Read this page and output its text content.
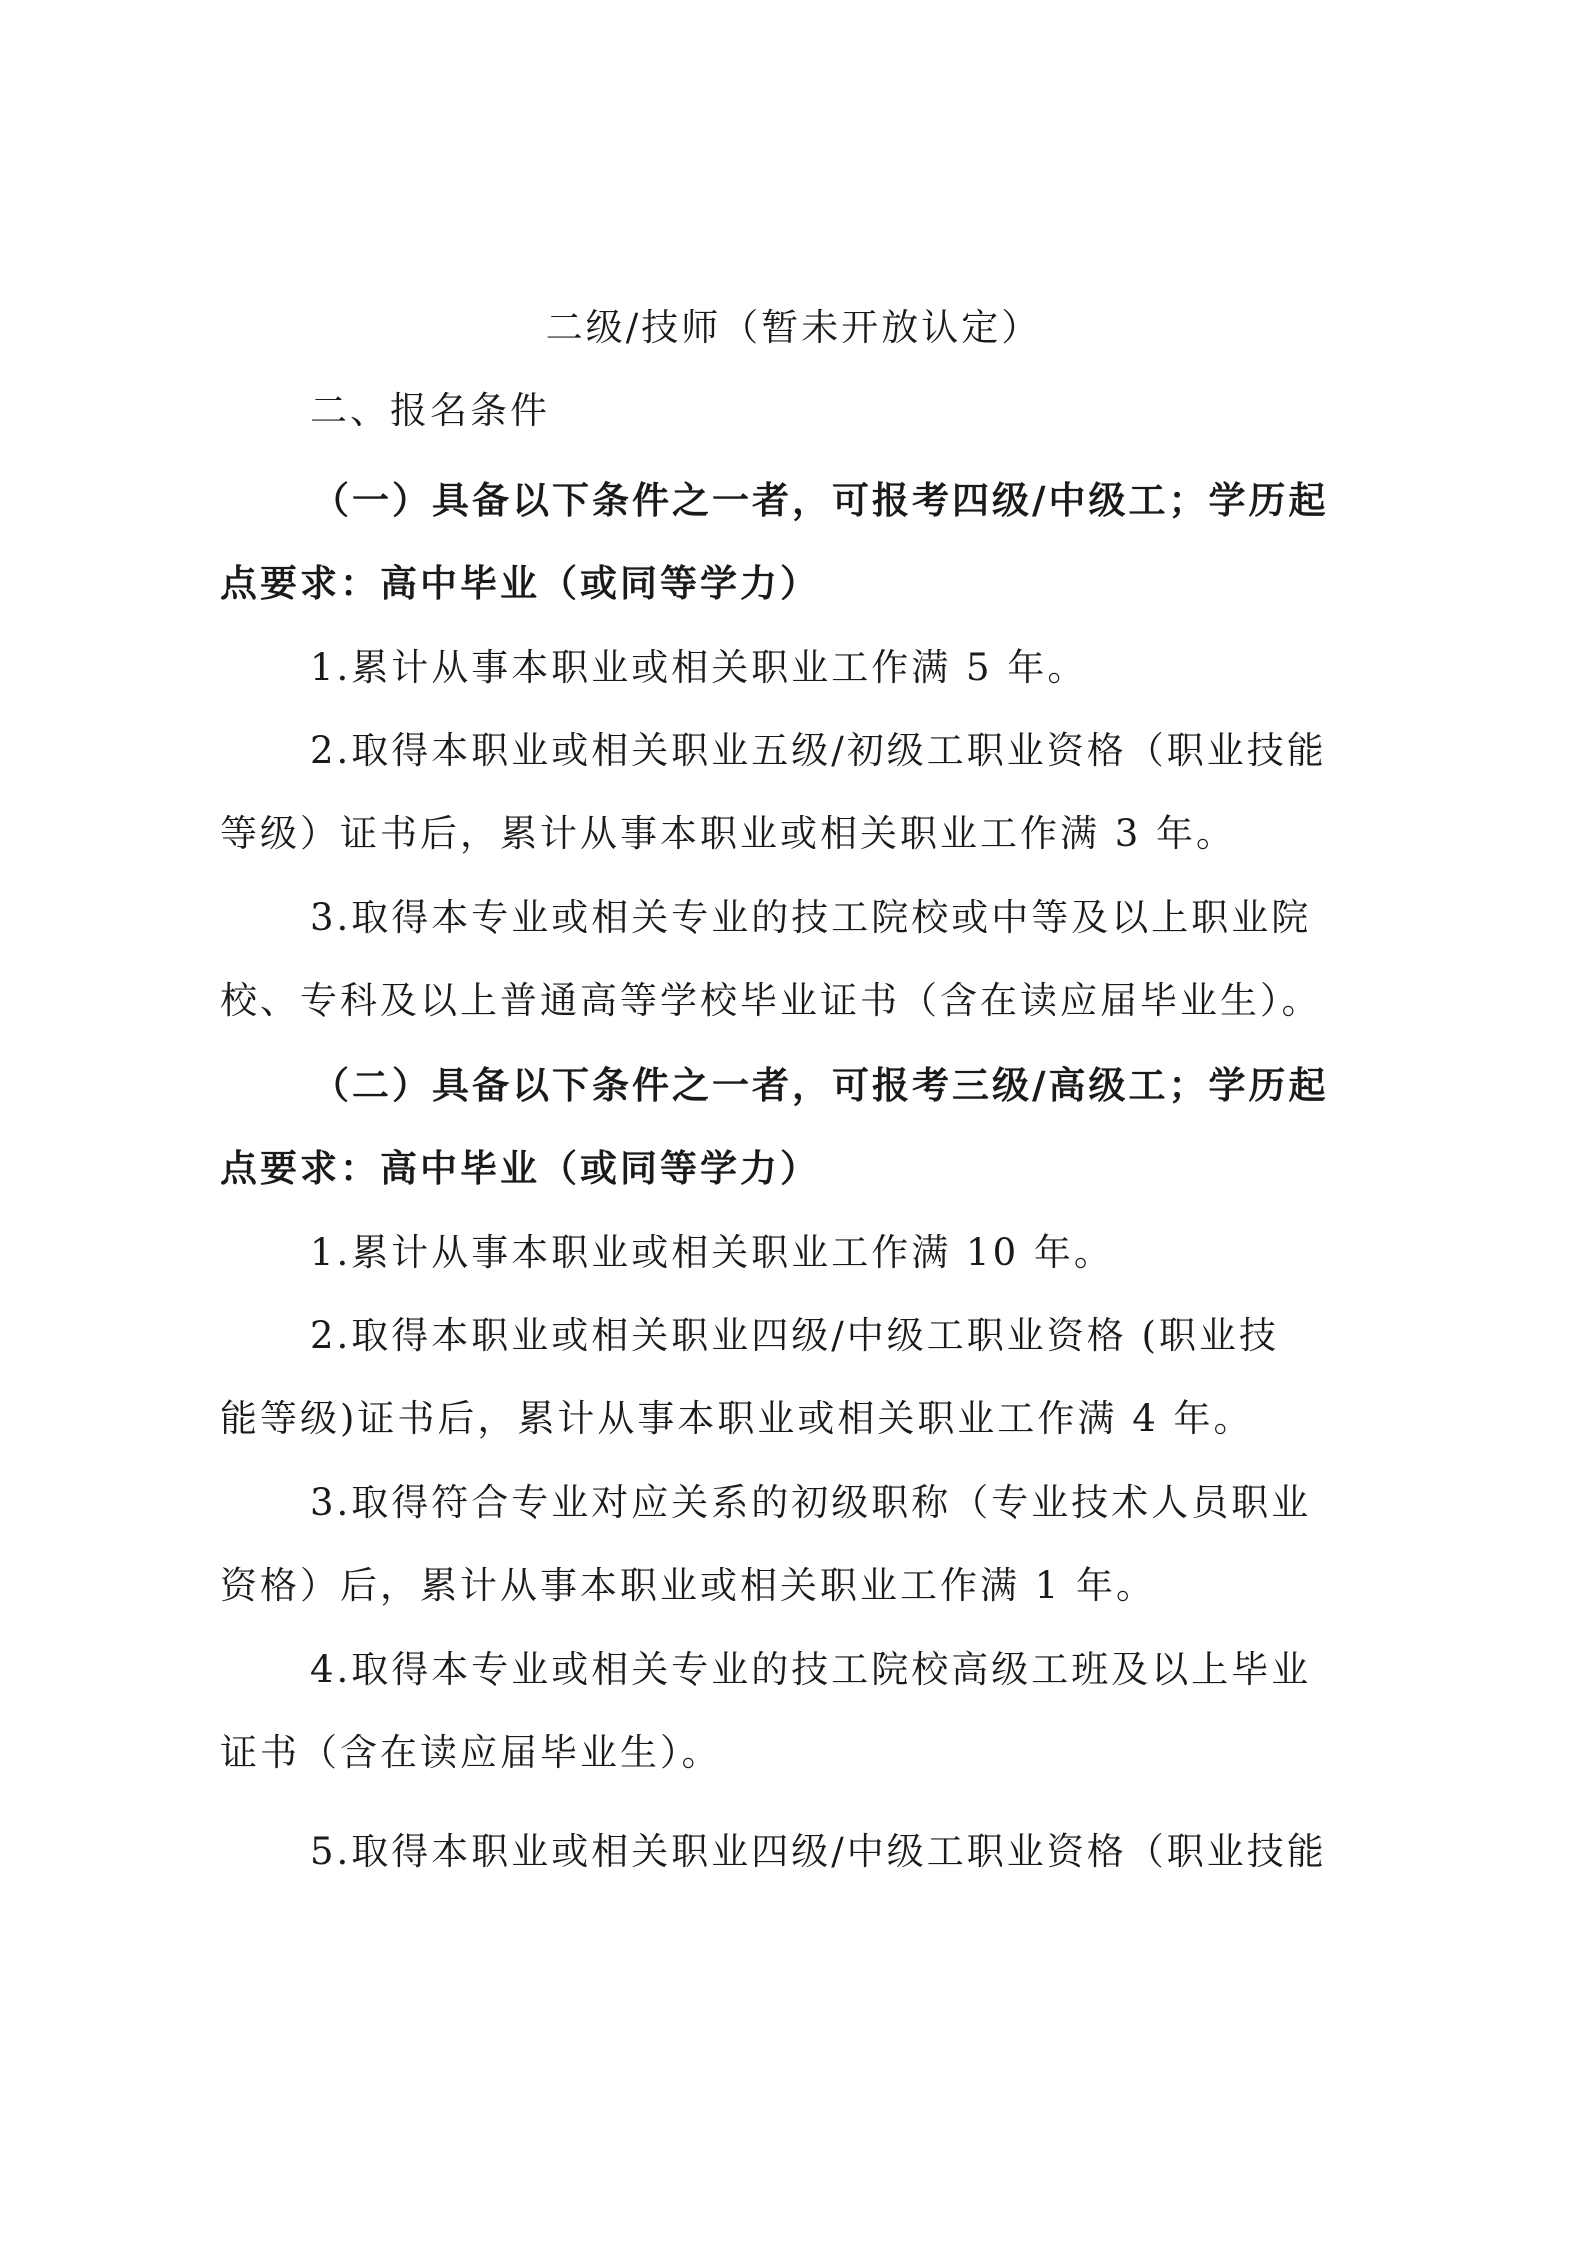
二级/技师（暂未开放认定）
二、报名条件
（一）具备以下条件之一者，可报考四级/中级工；学历起
点要求：高中毕业（或同等学力）
1.累计从事本职业或相关职业工作满 5 年。
2.取得本职业或相关职业五级/初级工职业资格（职业技能
等级）证书后，累计从事本职业或相关职业工作满 3 年。
3.取得本专业或相关专业的技工院校或中等及以上职业院
校、专科及以上普通高等学校毕业证书（含在读应届毕业生）。
（二）具备以下条件之一者，可报考三级/高级工；学历起
点要求：高中毕业（或同等学力）
1.累计从事本职业或相关职业工作满 10 年。
2.取得本职业或相关职业四级/中级工职业资格 (职业技
能等级)证书后，累计从事本职业或相关职业工作满 4 年。
3.取得符合专业对应关系的初级职称（专业技术人员职业
资格）后，累计从事本职业或相关职业工作满 1 年。
4.取得本专业或相关专业的技工院校高级工班及以上毕业
证书（含在读应届毕业生）。
5.取得本职业或相关职业四级/中级工职业资格（职业技能
